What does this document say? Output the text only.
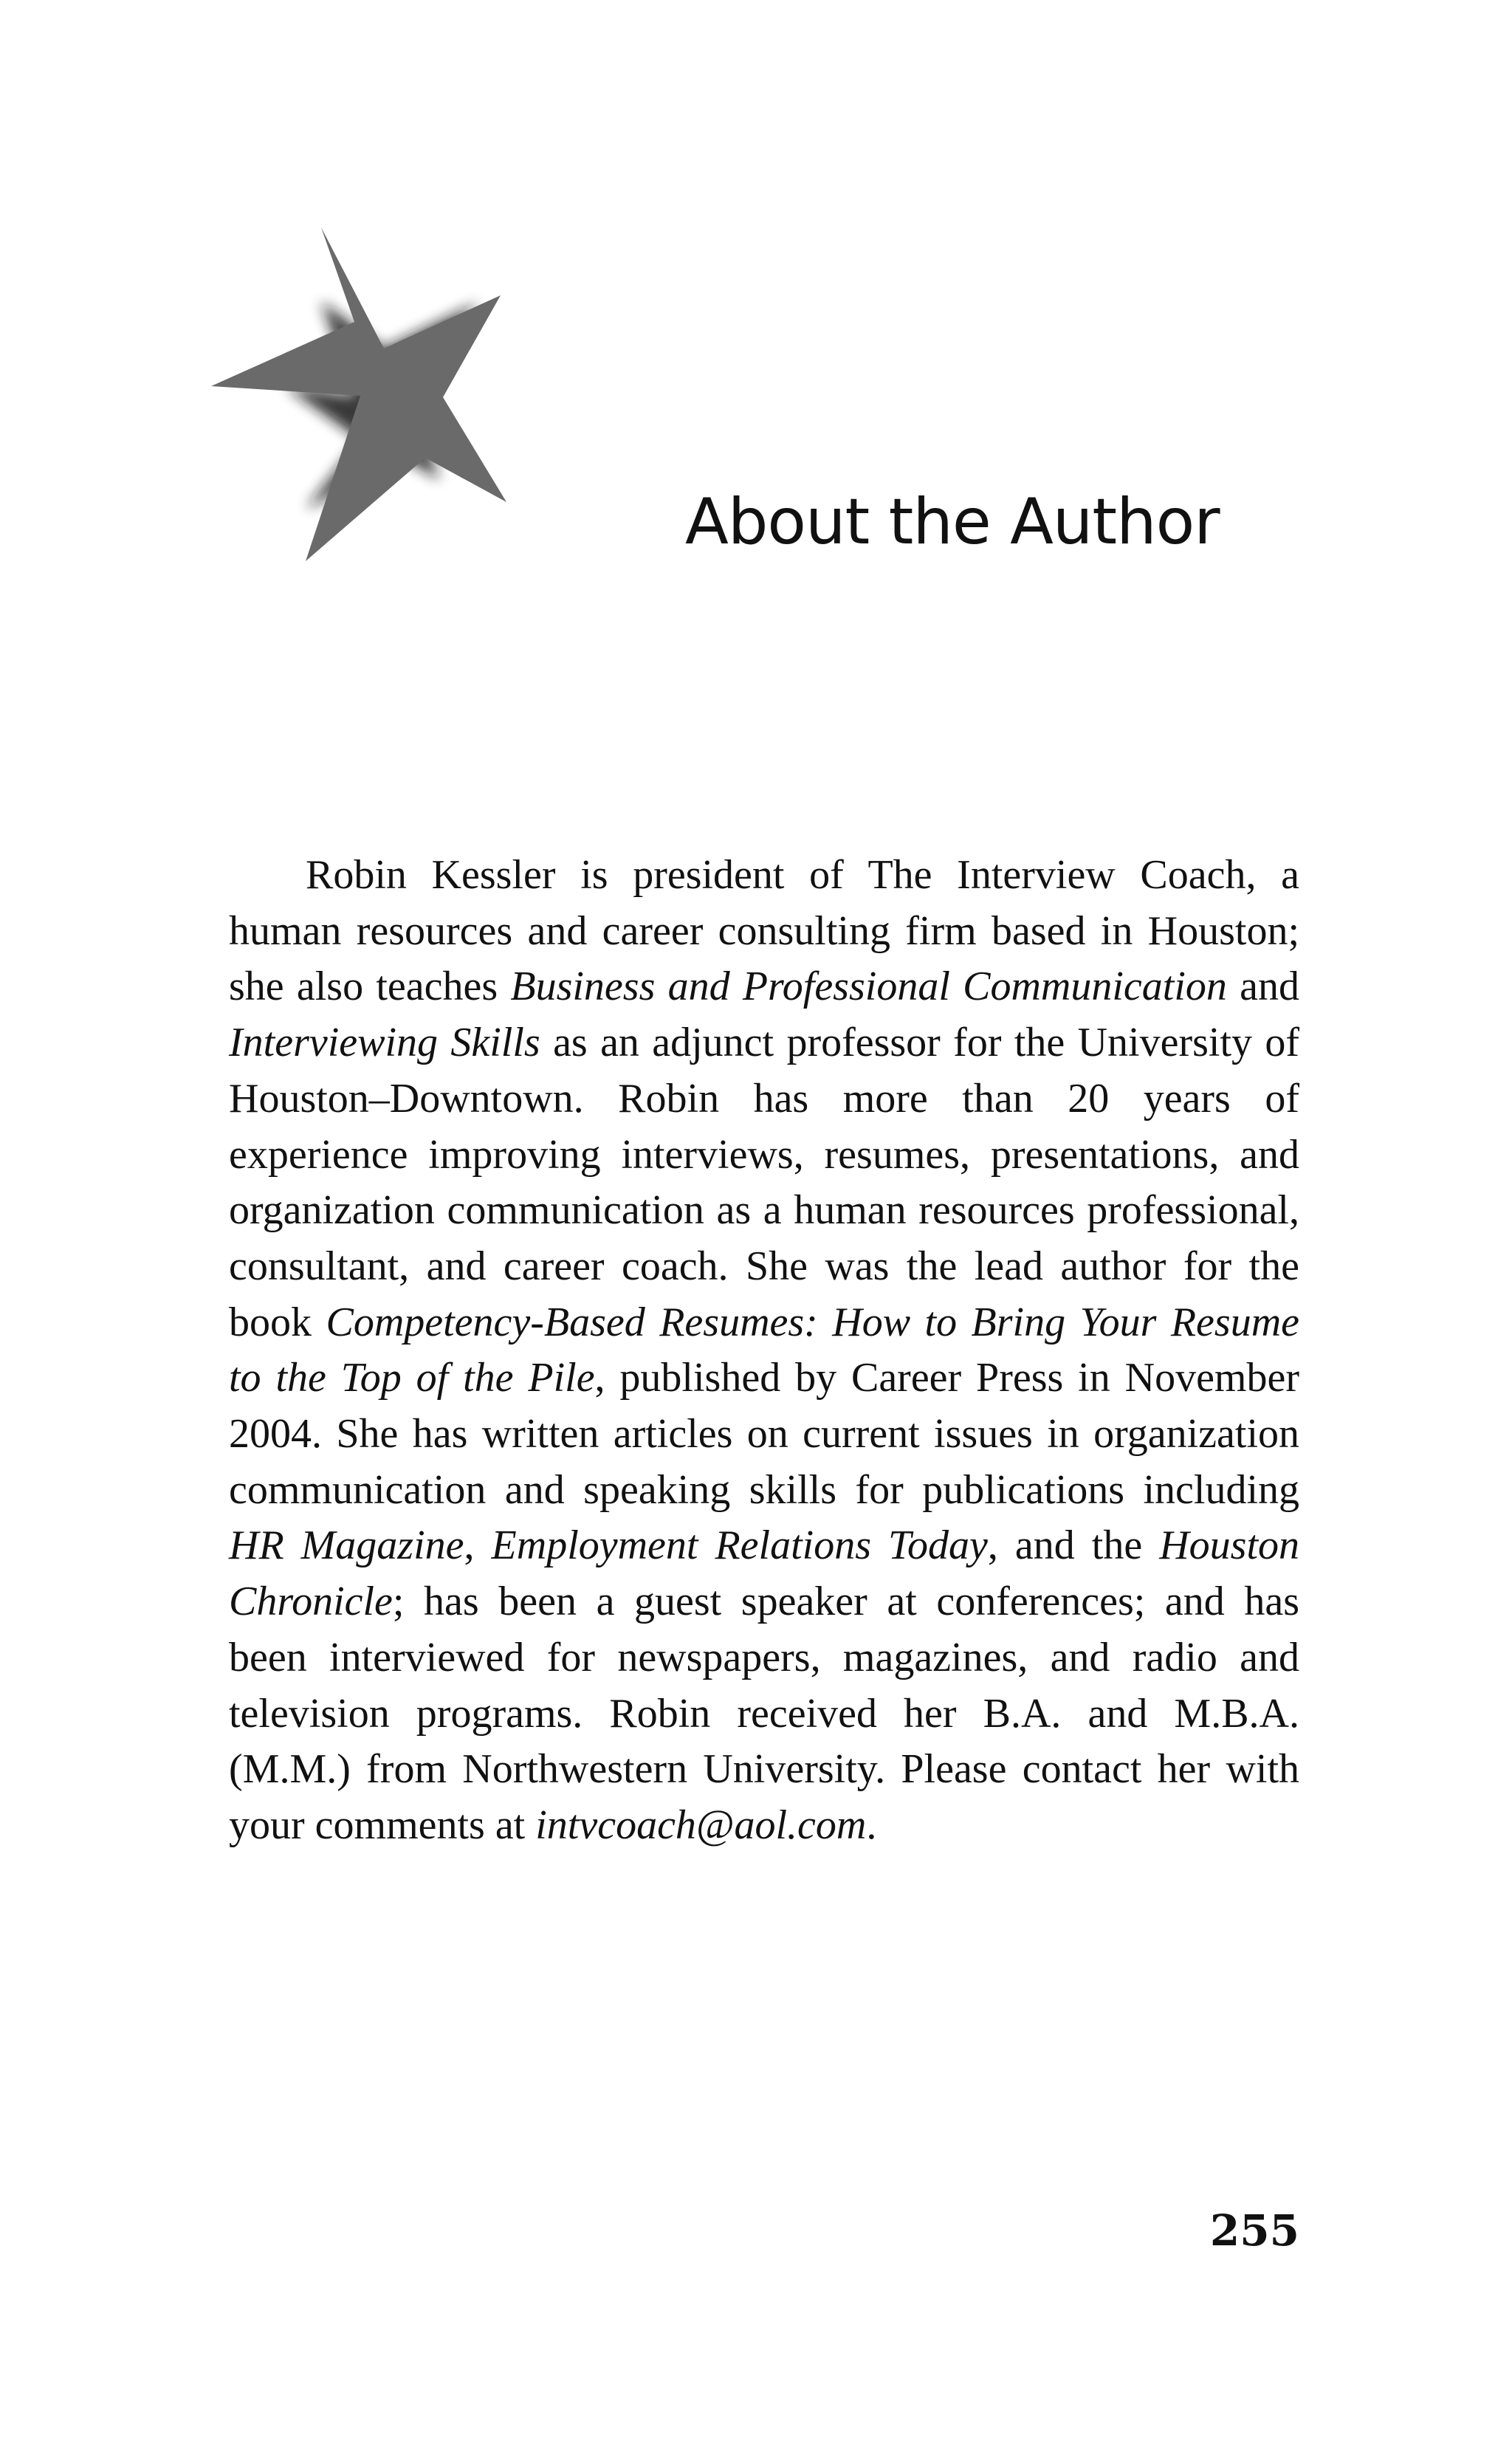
About the Author

Robin Kessler is president of The Interview Coach, a human resources and career consulting firm based in Houston; she also teaches Business and Professional Communication and Interviewing Skills as an adjunct professor for the University of Houston–Downtown. Robin has more than 20 years of experience improving interviews, resumes, presentations, and organization communication as a human resources professional, consultant, and career coach. She was the lead author for the book Competency-Based Resumes: How to Bring Your Resume to the Top of the Pile, published by Career Press in November 2004. She has written articles on current issues in organization communication and speaking skills for publications including HR Magazine, Employment Relations Today, and the Houston Chronicle; has been a guest speaker at conferences; and has been interviewed for newspapers, magazines, and radio and television programs. Robin received her B.A. and M.B.A. (M.M.) from Northwestern University. Please contact her with your comments at intvcoach@aol.com.

255
